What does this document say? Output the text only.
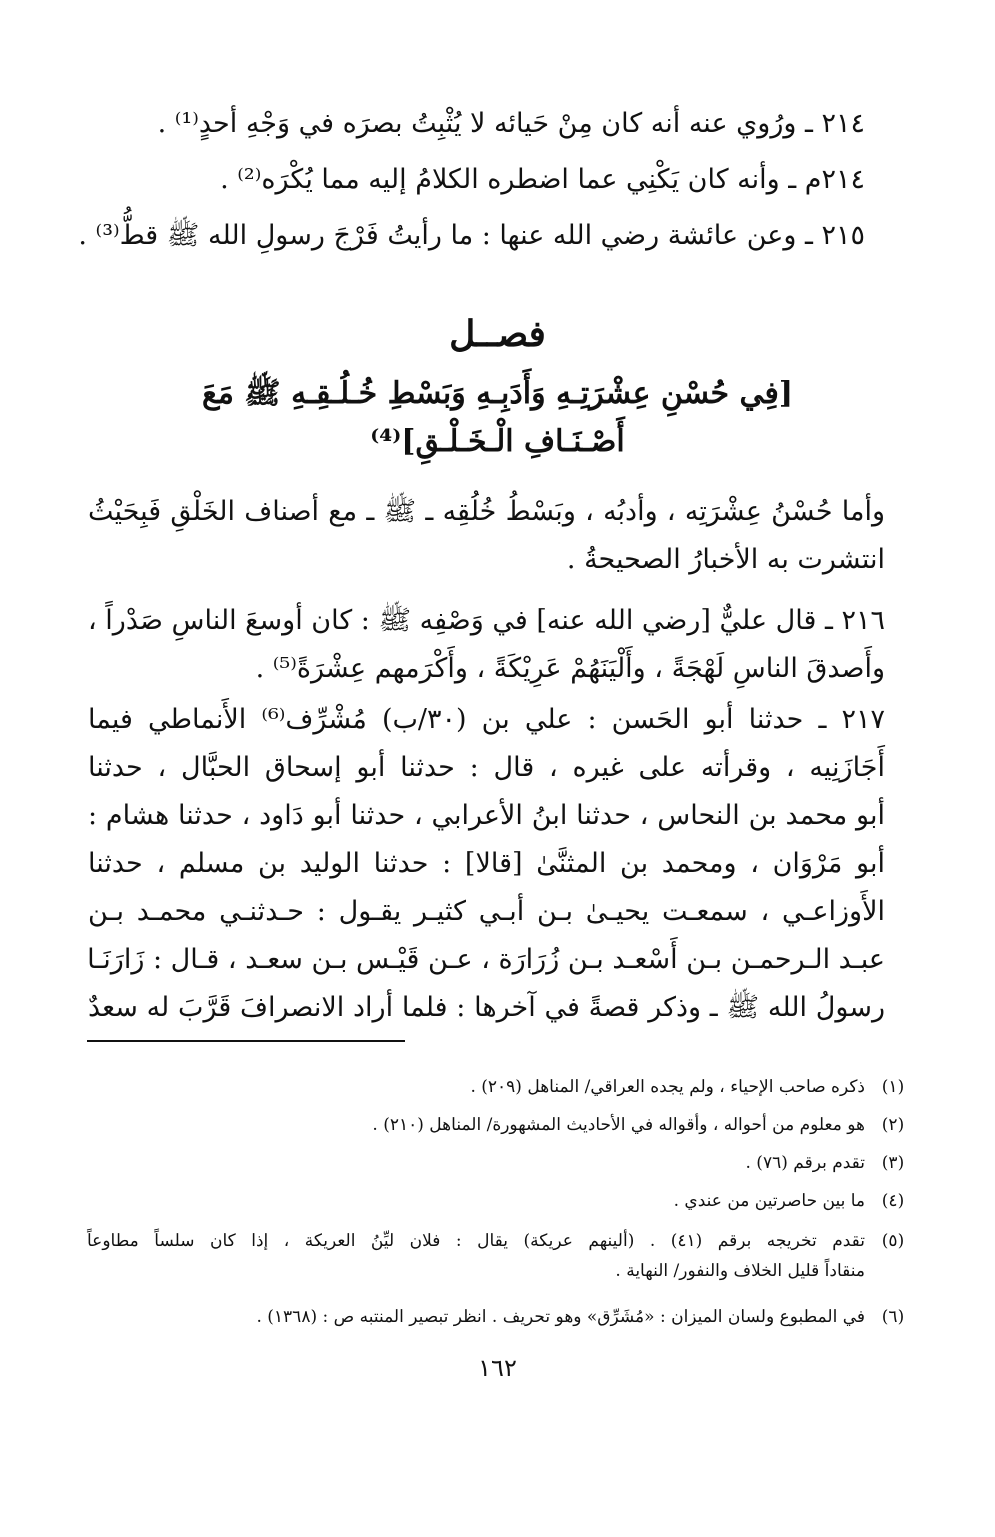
٢١٤ ـ ورُوي عنه أنه كان مِنْ حَيائه لا يُثْبِتُ بصرَه في وَجْهِ أحدٍ⁽¹⁾ .
٢١٤م ـ وأنه كان يَكْنِي عما اضطره الكلامُ إليه مما يُكْرَه⁽²⁾ .
٢١٥ ـ وعن عائشة رضي الله عنها : ما رأيتُ فَرْجَ رسولِ الله ﷺ قطُّ⁽³⁾ .
فصــل
[فِي حُسْنِ عِشْرَتِـهِ وَأَدَبِـهِ وَبَسْطِ خُـلُـقِـهِ ﷺ مَعَ
أَصْـنَـافِ الْـخَـلْـقِ]⁽⁴⁾
وأما حُسْنُ عِشْرَتِه ، وأدبُه ، وبَسْطُ خُلُقِه ـ ﷺ ـ مع أصناف الخَلْقِ فَبِحَيْثُ
انتشرت به الأخبارُ الصحيحةُ .
٢١٦ ـ قال عليٌّ [رضي الله عنه] في وَصْفِه ﷺ : كان أوسعَ الناسِ صَدْراً ،
وأَصدقَ الناسِ لَهْجَةً ، وأَلْيَنَهُمْ عَرِيْكَةً ، وأَكْرَمهم عِشْرَةً⁽⁵⁾ .
٢١٧ ـ حدثنا أبو الحَسن : علي بن (٣٠/ب) مُشْرِّف⁽⁶⁾ الأَنماطي فيما
أَجَازَنِيه ، وقرأته على غيره ، قال : حدثنا أبو إسحاق الحبَّال ، حدثنا
أبو محمد بن النحاس ، حدثنا ابنُ الأعرابي ، حدثنا أبو دَاود ، حدثنا هشام :
أبو مَرْوَان ، ومحمد بن المثنَّىٰ [قالا] : حدثنا الوليد بن مسلم ، حدثنا
الأَوزاعـي ، سمعـت يحيـىٰ بـن أبـي كثيـر يقـول : حـدثنـي محمـد بـن
عبـد الـرحمـن بـن أَسْعـد بـن زُرَارَة ، عـن قَيْـس بـن سعـد ، قـال : زَارَنَـا
رسولُ الله ﷺ ـ وذكر قصةً في آخرها : فلما أراد الانصرافَ قَرَّبَ له سعدٌ
(١)
ذكره صاحب الإحياء ، ولم يجده العراقي/ المناهل (٢٠٩) .
(٢)
هو معلوم من أحواله ، وأقواله في الأحاديث المشهورة/ المناهل (٢١٠) .
(٣)
تقدم برقم (٧٦) .
(٤)
ما بين حاصرتين من عندي .
(٥)
تقدم تخريجه برقم (٤١) . (ألينهم عريكة) يقال : فلان ليِّنُ العريكة ، إذا كان سلساً مطاوعاً
منقاداً قليل الخلاف والنفور/ النهاية .
(٦)
في المطبوع ولسان الميزان : «مُشَرِّق» وهو تحريف . انظر تبصير المنتبه ص : (١٣٦٨) .
١٦٢
